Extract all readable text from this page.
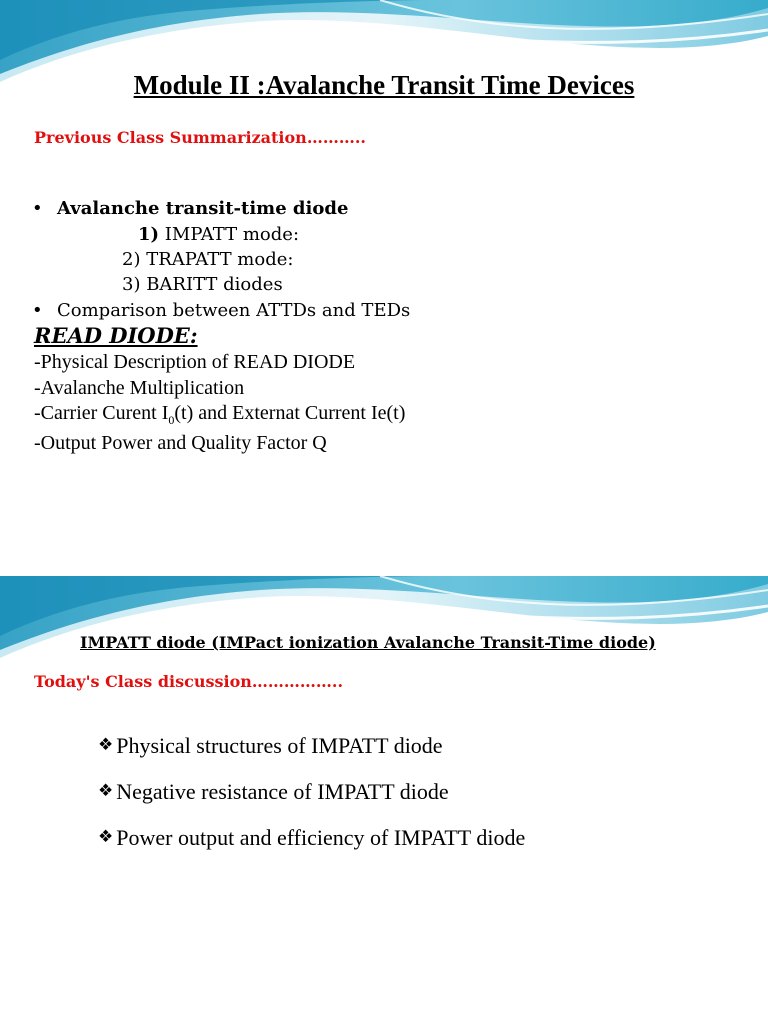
Module II :Avalanche Transit Time Devices
Previous Class Summarization………..
• Avalanche transit-time diode
1) IMPATT mode:
2) TRAPATT mode:
3) BARITT diodes
• Comparison between ATTDs and TEDs
READ DIODE:
-Physical Description of READ DIODE
-Avalanche Multiplication
-Carrier Curent $I_0(t)$ and Externat Current Ie(t)
-Output Power and Quality Factor Q
IMPATT diode (IMPact ionization Avalanche Transit-Time diode)
Today's Class discussion……………..
❖ Physical structures of IMPATT diode
❖ Negative resistance of IMPATT diode
❖ Power output and efficiency of IMPATT diode
